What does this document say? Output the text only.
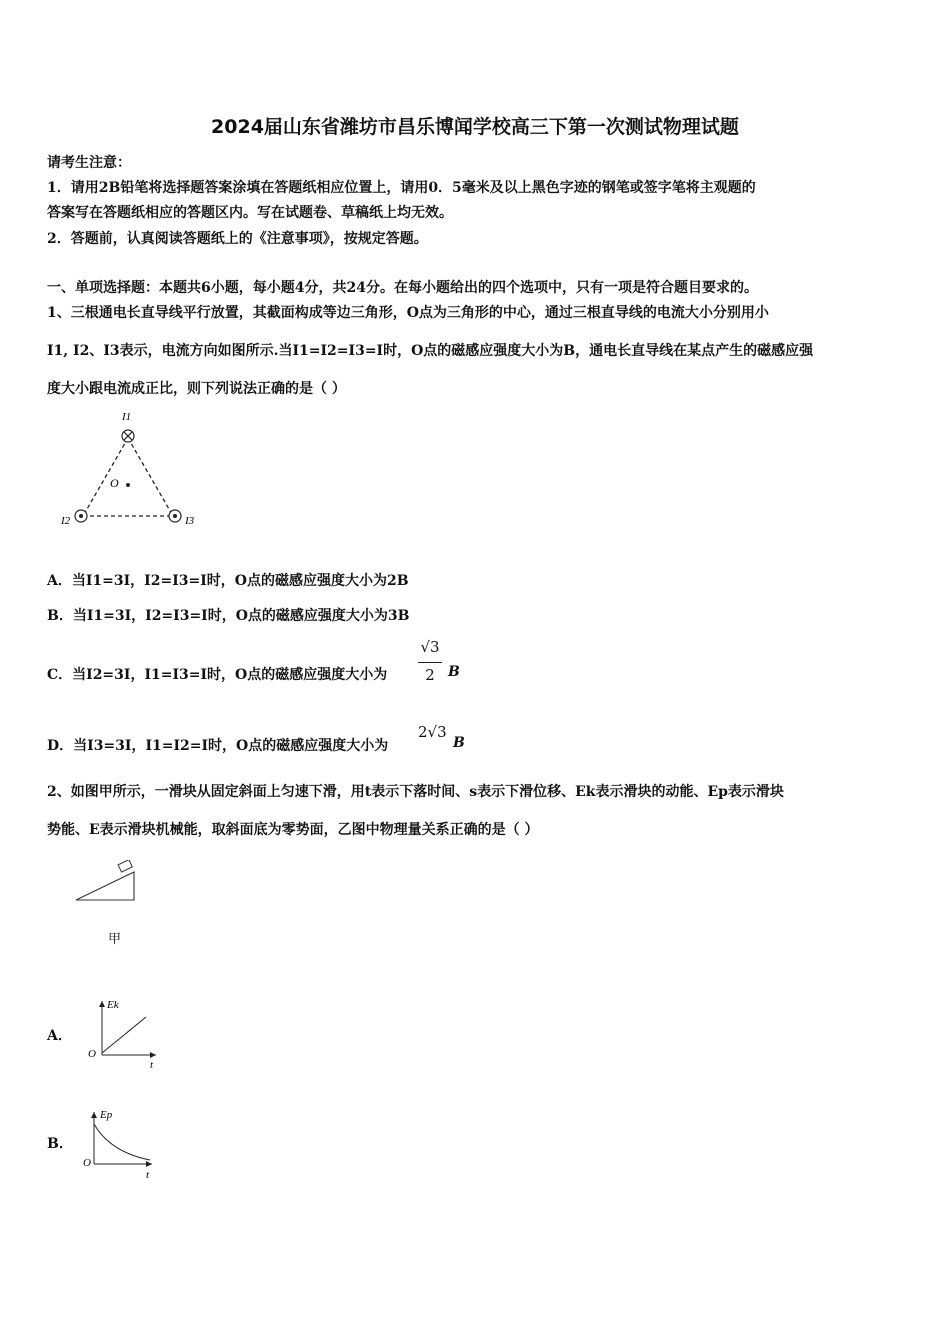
2024届山东省潍坊市昌乐博闻学校高三下第一次测试物理试题
请考生注意：
1．请用2B铅笔将选择题答案涂填在答题纸相应位置上，请用0．5毫米及以上黑色字迹的钢笔或签字笔将主观题的
答案写在答题纸相应的答题区内。写在试题卷、草稿纸上均无效。
2．答题前，认真阅读答题纸上的《注意事项》，按规定答题。
一、单项选择题：本题共6小题，每小题4分，共24分。在每小题给出的四个选项中，只有一项是符合题目要求的。
1、三根通电长直导线平行放置，其截面构成等边三角形，O点为三角形的中心，通过三根直导线的电流大小分别用小
I1, I2、I3表示，电流方向如图所示.当I1=I2=I3=I时，O点的磁感应强度大小为B，通电长直导线在某点产生的磁感应强
度大小跟电流成正比，则下列说法正确的是（ ）
I1
I2	I3
O
A．当I1=3I，I2=I3=I时，O点的磁感应强度大小为2B
B．当I1=3I，I2=I3=I时，O点的磁感应强度大小为3B
C．当I2=3I，I1=I3=I时，O点的磁感应强度大小为
√3
2 B
D．当I3=3I，I1=I2=I时，O点的磁感应强度大小为
2√3
B
2、如图甲所示，一滑块从固定斜面上匀速下滑，用t表示下落时间、s表示下滑位移、Ek表示滑块的动能、Ep表示滑块
势能、E表示滑块机械能，取斜面底为零势面，乙图中物理量关系正确的是（ ）
甲
A．
Ek
t
O
B．
Ep
t
O
